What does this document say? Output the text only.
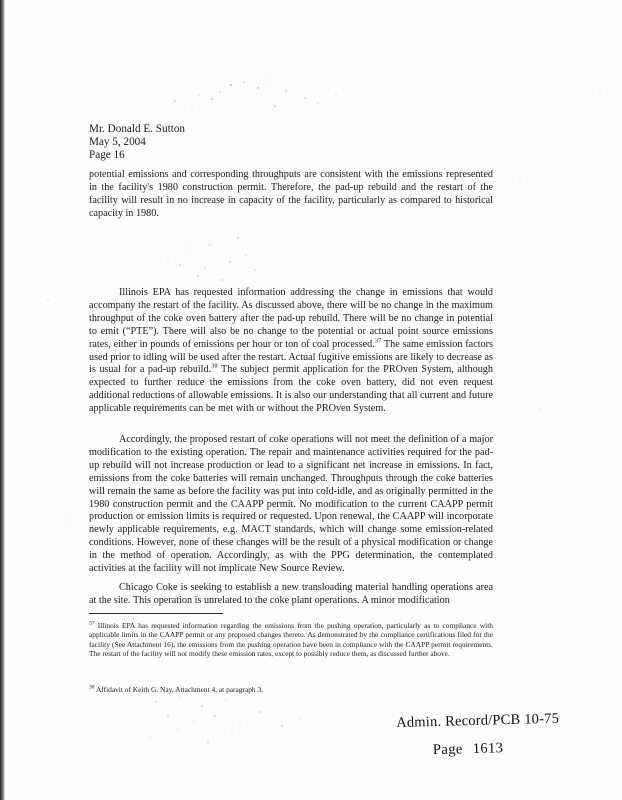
Mr. Donald E. Sutton
May 5, 2004
Page 16

potential emissions and corresponding throughputs are consistent with the emissions represented in the facility's 1980 construction permit. Therefore, the pad-up rebuild and the restart of the facility will result in no increase in capacity of the facility, particularly as compared to historical capacity in 1980.

Illinois EPA has requested information addressing the change in emissions that would accompany the restart of the facility. As discussed above, there will be no change in the maximum throughput of the coke oven battery after the pad-up rebuild. There will be no change in potential to emit (“PTE”). There will also be no change to the potential or actual point source emissions rates, either in pounds of emissions per hour or ton of coal processed.$^{37}$ The same emission factors used prior to idling will be used after the restart. Actual fugitive emissions are likely to decrease as is usual for a pad-up rebuild.$^{38}$ The subject permit application for the PROven System, although expected to further reduce the emissions from the coke oven battery, did not even request additional reductions of allowable emissions. It is also our understanding that all current and future applicable requirements can be met with or without the PROven System.

Accordingly, the proposed restart of coke operations will not meet the definition of a major modification to the existing operation. The repair and maintenance activities required for the pad-up rebuild will not increase production or lead to a significant net increase in emissions. In fact, emissions from the coke batteries will remain unchanged. Throughputs through the coke batteries will remain the same as before the facility was put into cold-idle, and as originally permitted in the 1980 construction permit and the CAAPP permit. No modification to the current CAAPP permit production or emission limits is required or requested. Upon renewal, the CAAPP will incorporate newly applicable requirements, e.g. MACT standards, which will change some emission-related conditions. However, none of these changes will be the result of a physical modification or change in the method of operation. Accordingly, as with the PPG determination, the contemplated activities at the facility will not implicate New Source Review.

Chicago Coke is seeking to establish a new transloading material handling operations area at the site. This operation is unrelated to the coke plant operations. A minor modification

$^{37}$ Illinois EPA has requested information regarding the emissions from the pushing operation, particularly as to compliance with applicable limits in the CAAPP permit or any proposed changes thereto. As demonstrated by the compliance certifications filed for the facility (See Attachment 16), the emissions from the pushing operation have been in compliance with the CAAPP permit requirements. The restart of the facility will not modify these emission rates, except to possibly reduce them, as discussed further above.
$^{38}$ Affidavit of Keith G. Nay, Attachment 4, at paragraph 3.
Admin. Record/PCB 10-75
Page 1613
